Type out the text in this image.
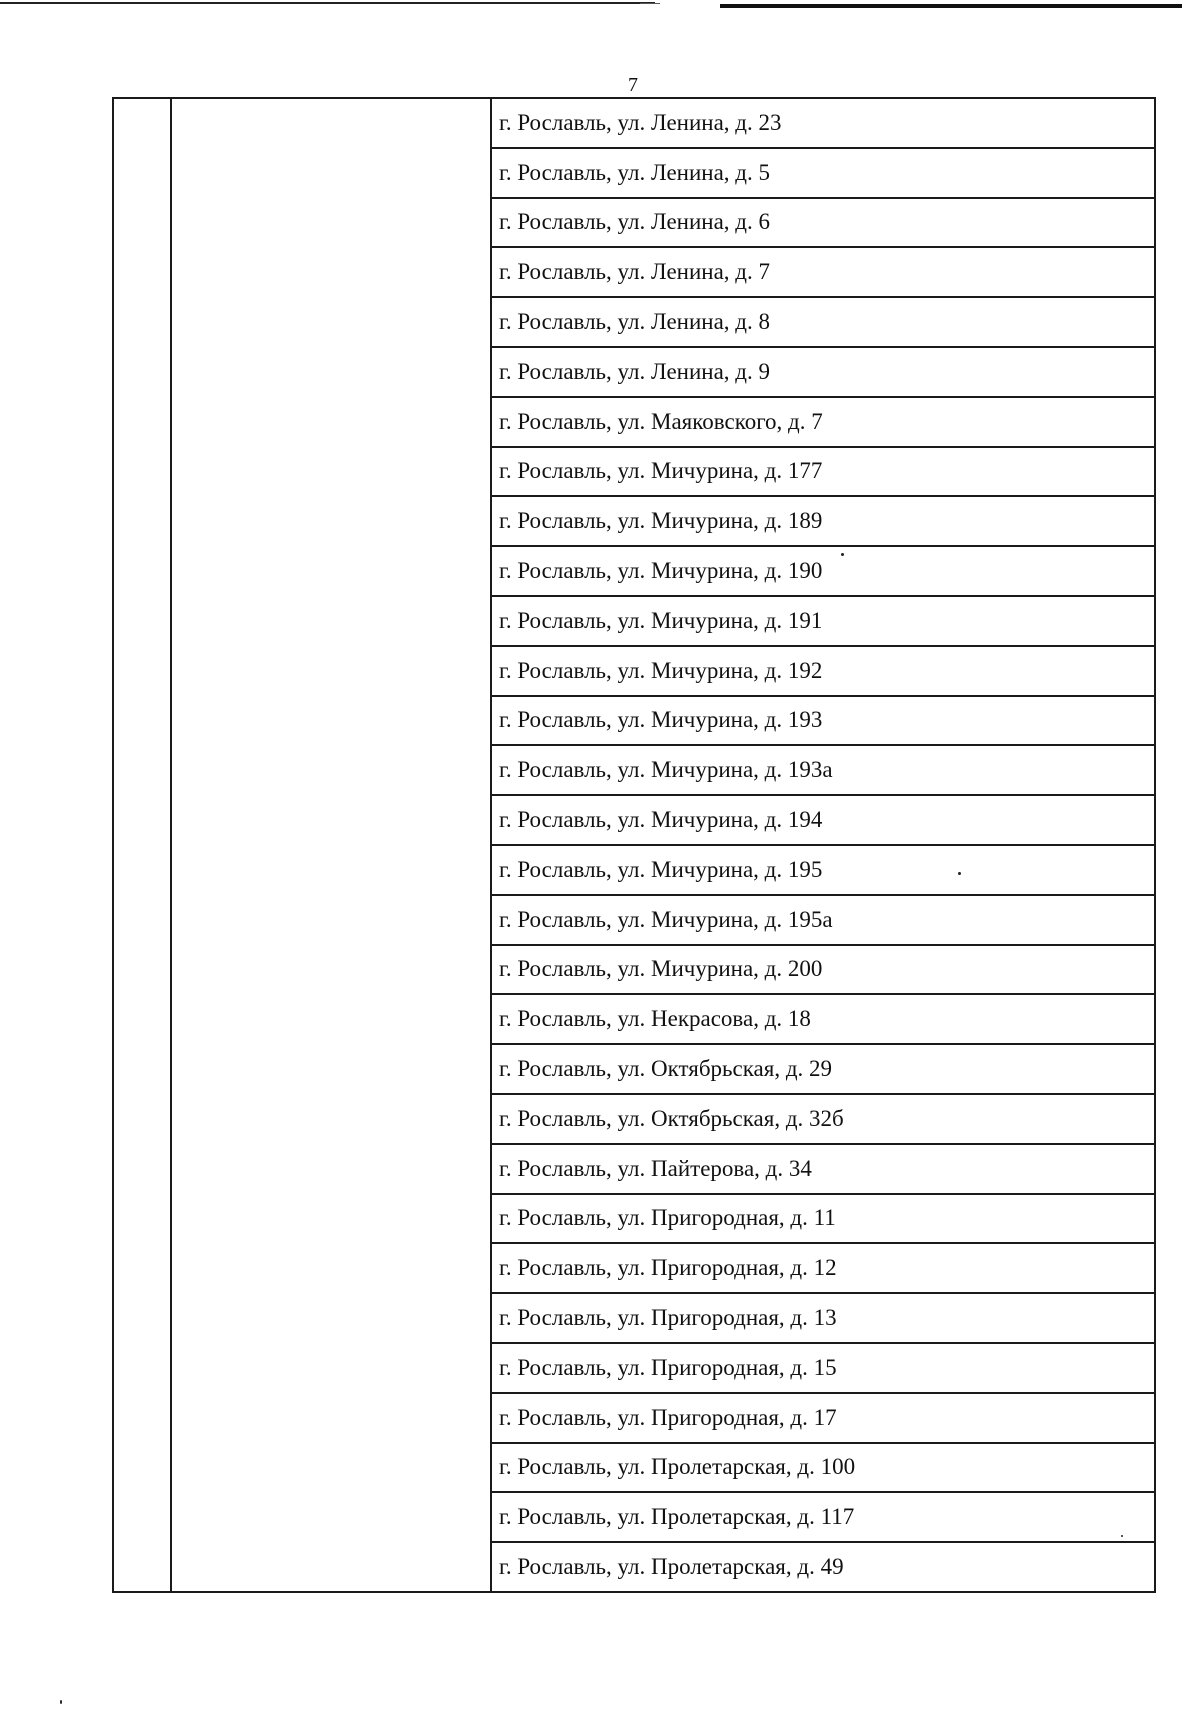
7
г. Рославль, ул. Ленина, д. 23
г. Рославль, ул. Ленина, д. 5
г. Рославль, ул. Ленина, д. 6
г. Рославль, ул. Ленина, д. 7
г. Рославль, ул. Ленина, д. 8
г. Рославль, ул. Ленина, д. 9
г. Рославль, ул. Маяковского, д. 7
г. Рославль, ул. Мичурина, д. 177
г. Рославль, ул. Мичурина, д. 189
г. Рославль, ул. Мичурина, д. 190
г. Рославль, ул. Мичурина, д. 191
г. Рославль, ул. Мичурина, д. 192
г. Рославль, ул. Мичурина, д. 193
г. Рославль, ул. Мичурина, д. 193а
г. Рославль, ул. Мичурина, д. 194
г. Рославль, ул. Мичурина, д. 195
г. Рославль, ул. Мичурина, д. 195а
г. Рославль, ул. Мичурина, д. 200
г. Рославль, ул. Некрасова, д. 18
г. Рославль, ул. Октябрьская, д. 29
г. Рославль, ул. Октябрьская, д. 32б
г. Рославль, ул. Пайтерова, д. 34
г. Рославль, ул. Пригородная, д. 11
г. Рославль, ул. Пригородная, д. 12
г. Рославль, ул. Пригородная, д. 13
г. Рославль, ул. Пригородная, д. 15
г. Рославль, ул. Пригородная, д. 17
г. Рославль, ул. Пролетарская, д. 100
г. Рославль, ул. Пролетарская, д. 117
г. Рославль, ул. Пролетарская, д. 49
